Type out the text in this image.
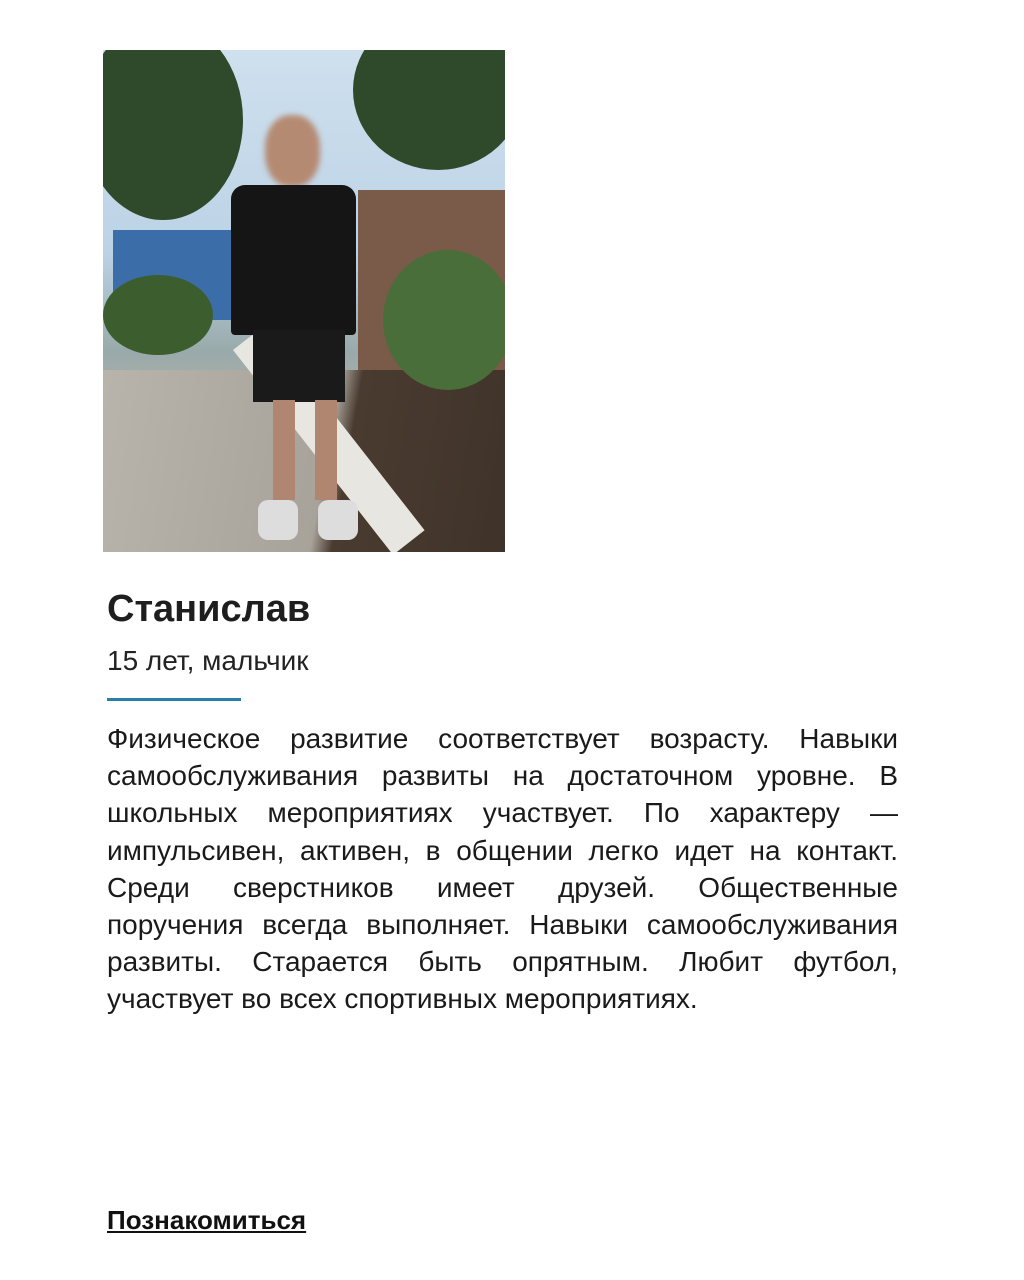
Станислав
15 лет, мальчик

Физическое развитие соответствует возрасту. Навыки самообслуживания развиты на достаточном уровне. В школьных мероприятиях участвует. По характеру — импульсивен, активен, в общении легко идет на контакт. Среди сверстников имеет друзей. Общественные поручения всегда выполняет. Навыки самообслуживания развиты. Старается быть опрятным. Любит футбол, участвует во всех спортивных мероприятиях.

Познакомиться
